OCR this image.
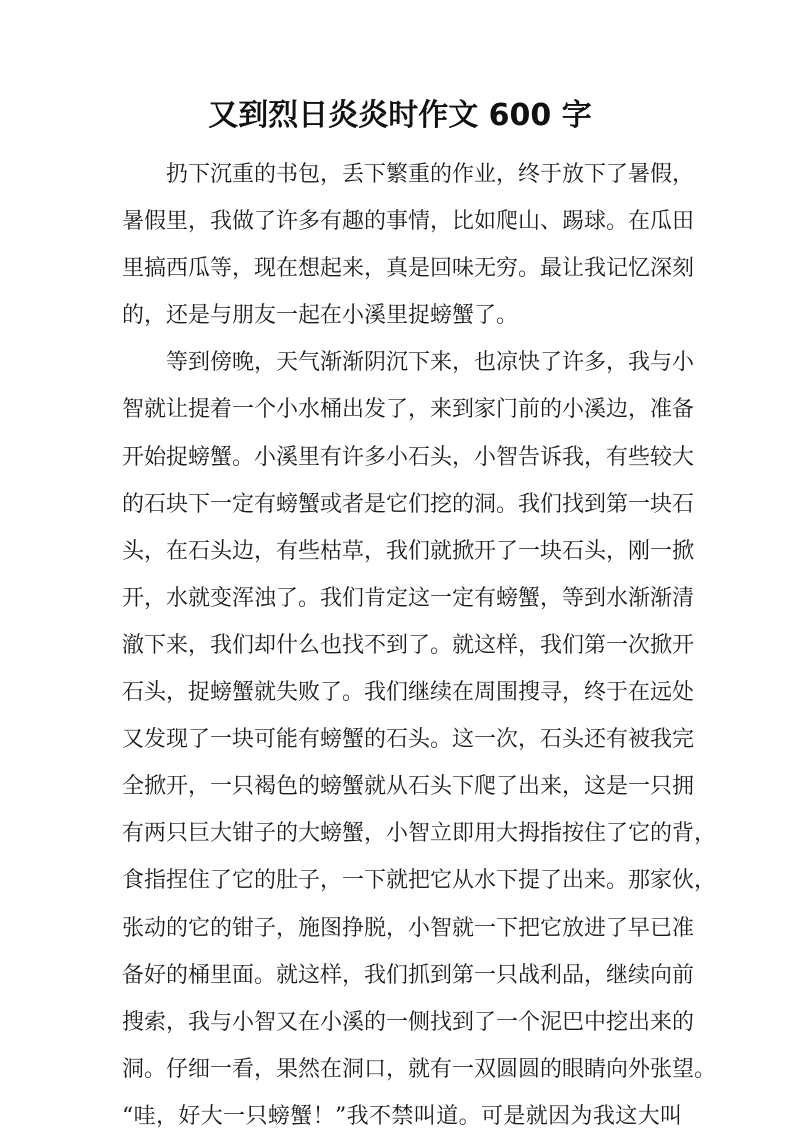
又到烈日炎炎时作文 600 字

扔下沉重的书包，丢下繁重的作业，终于放下了暑假，
暑假里，我做了许多有趣的事情，比如爬山、踢球。在瓜田
里搞西瓜等，现在想起来，真是回味无穷。最让我记忆深刻
的，还是与朋友一起在小溪里捉螃蟹了。

等到傍晚，天气渐渐阴沉下来，也凉快了许多，我与小
智就让提着一个小水桶出发了，来到家门前的小溪边，准备
开始捉螃蟹。小溪里有许多小石头，小智告诉我，有些较大
的石块下一定有螃蟹或者是它们挖的洞。我们找到第一块石
头，在石头边，有些枯草，我们就掀开了一块石头，刚一掀
开，水就变浑浊了。我们肯定这一定有螃蟹，等到水渐渐清
澈下来，我们却什么也找不到了。就这样，我们第一次掀开
石头，捉螃蟹就失败了。我们继续在周围搜寻，终于在远处
又发现了一块可能有螃蟹的石头。这一次，石头还有被我完
全掀开，一只褐色的螃蟹就从石头下爬了出来，这是一只拥
有两只巨大钳子的大螃蟹，小智立即用大拇指按住了它的背，
食指捏住了它的肚子，一下就把它从水下提了出来。那家伙，
张动的它的钳子，施图挣脱，小智就一下把它放进了早已准
备好的桶里面。就这样，我们抓到第一只战利品，继续向前
搜索，我与小智又在小溪的一侧找到了一个泥巴中挖出来的
洞。仔细一看，果然在洞口，就有一双圆圆的眼睛向外张望。
“哇，好大一只螃蟹！”我不禁叫道。可是就因为我这大叫
